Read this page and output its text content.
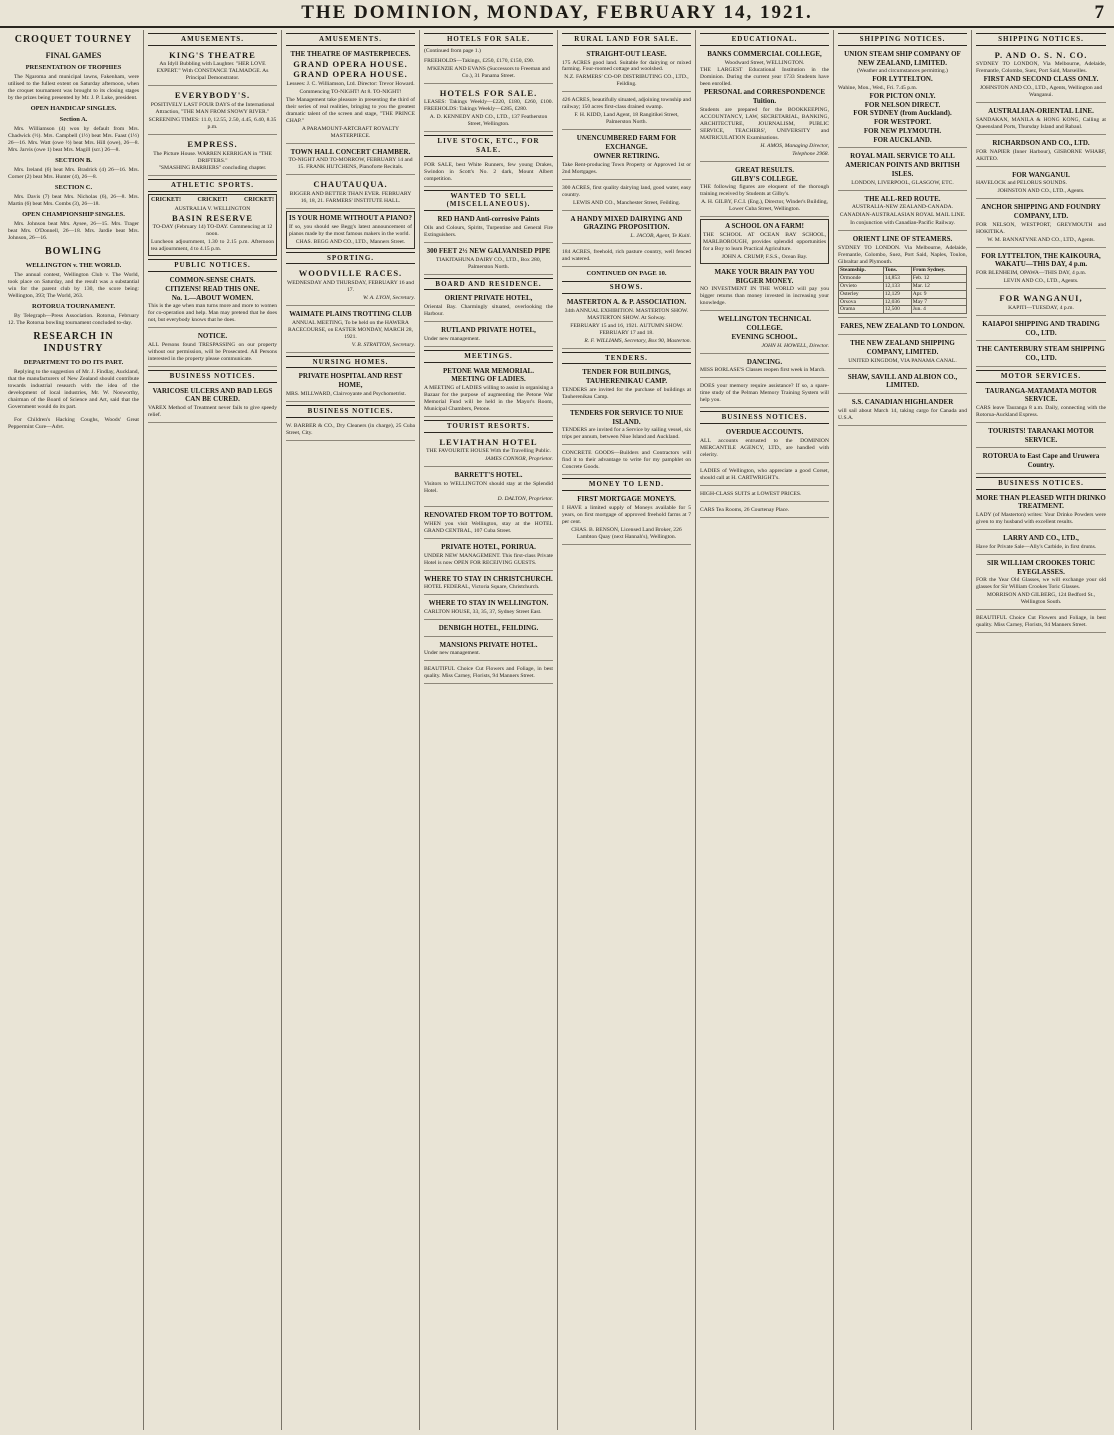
THE DOMINION, MONDAY, FEBRUARY 14, 1921.	7
CROQUET TOURNEY
FINAL GAMES
PRESENTATION OF TROPHIES
The Ngaroma and municipal lawns, Fakenham, were utilised to the fullest extent on Saturday afternoon, when the croquet tournament was brought to its closing stages by the prizes being presented by Mr. J. P. Luke, president.
OPEN HANDICAP SINGLES.
Section A.
Mrs. Williamson (4) won by default from Mrs. Chadwick (½). Mrs. Campbell (1½) beat Mrs. Faast (1½) 26—16. Mrs. Watt (owe ½) beat Mrs. Hill (owe), 26—8. Mrs. Jarvis (owe 1) beat Mrs. Magill (scr.) 26—8.
SECTION B.
Mrs. Ireland (6) beat Mrs. Bradrick (4) 26—16. Mrs. Corner (2) beat Mrs. Hunter (4), 26—8.
SECTION C.
Mrs. Davis (7) beat Mrs. Nicholas (6), 26—8. Mrs. Martin (6) beat Mrs. Combs (3), 26—18.
OPEN CHAMPIONSHIP SINGLES.
Mrs. Johnson beat Mrs. Aysee, 26—15. Mrs. Trager beat Mrs. O'Donnell, 26—18. Mrs. Jardie beat Mrs. Johnson, 26—16.
BOWLING
WELLINGTON v. THE WORLD.
The annual contest, Wellington Club v. The World, took place on Saturday, and the result was a substantial win for the parent club by 130, the score being: Wellington, 393; The World, 263.
ROTORUA TOURNAMENT.
By Telegraph—Press Association. Rotorua, February 12. The Rotorua bowling tournament concluded to-day.
RESEARCH IN INDUSTRY
DEPARTMENT TO DO ITS PART.
Replying to the suggestion of Mr. J. Findlay, Auckland, that the manufacturers of New Zealand should contribute towards industrial research with the idea of the development of local industries, Mr. W. Nosworthy, chairman of the Board of Science and Art, said that the Government would do its part.
For Children's Hacking Coughs, Woods' Great Peppermint Cure—Advt.
AMUSEMENTS.
KING'S THEATRE
An Idyll Bubbling with Laughter. "HER LOVE EXPERT." With CONSTANCE TALMADGE. As Principal Demonstrator.
EVERYBODY'S.
POSITIVELY LAST FOUR DAYS of the International Attraction, "THE MAN FROM SNOWY RIVER."
SCREENING TIMES: 11.0, 12.55, 2.50, 4.45, 6.40, 8.35 p.m.
EMPRESS.
The Picture House. WARREN KERRIGAN in "THE DRIFTERS."
"SMASHING BARRIERS" concluding chapter.
ATHLETIC SPORTS.
CRICKET!	CRICKET!	CRICKET!
AUSTRALIA V. WELLINGTON
BASIN RESERVE
TO-DAY (February 14) TO-DAY. Commencing at 12 noon.
Luncheon adjournment, 1.30 to 2.15 p.m. Afternoon tea adjournment, 4 to 4.15 p.m.
PUBLIC NOTICES.
COMMON-SENSE CHATS.
CITIZENS! READ THIS ONE.
No. 1.—ABOUT WOMEN.
This is the age when man turns more and more to women for co-operation and help. Man may pretend that he does not, but everybody knows that he does.
NOTICE.
ALL Persons found TRESPASSING on our property without our permission, will be Prosecuted. All Persons interested in the property please communicate.
BUSINESS NOTICES.
VARICOSE ULCERS AND BAD LEGS CAN BE CURED.
VAREX Method of Treatment never fails to give speedy relief.
AMUSEMENTS.
THE THEATRE OF MASTERPIECES.
GRAND OPERA HOUSE. GRAND OPERA HOUSE.
Lessees: J. C. Williamson, Ltd. Director: Trevor Howard.
Commencing TO-NIGHT! At 8. TO-NIGHT!
The Management take pleasure in presenting the third of their series of real realities, bringing to you the greatest dramatic talent of the screen and stage, "THE PRINCE CHAP."
A PARAMOUNT-ARTCRAFT ROYALTY MASTERPIECE.
TOWN HALL CONCERT CHAMBER.
TO-NIGHT AND TO-MORROW, FEBRUARY 14 and 15. FRANK HUTCHENS, Pianoforte Recitals.
CHAUTAUQUA.
BIGGER AND BETTER THAN EVER. FEBRUARY 16, 18, 21. FARMERS' INSTITUTE HALL.
IS YOUR HOME WITHOUT A PIANO?
If so, you should see Begg's latest announcement of pianos made by the most famous makers in the world.
CHAS. BEGG AND CO., LTD., Manners Street.
SPORTING.
WOODVILLE RACES.
WEDNESDAY AND THURSDAY, FEBRUARY 16 and 17.
W. A. LYON, Secretary.
WAIMATE PLAINS TROTTING CLUB
ANNUAL MEETING, To be held on the HAWERA RACECOURSE, on EASTER MONDAY, MARCH 28, 1921.
V. B. STRATTON, Secretary.
NURSING HOMES.
PRIVATE HOSPITAL AND REST HOME,
MRS. MILLWARD, Clairvoyante and Psychometrist.
BUSINESS NOTICES.
W. BARBER & CO., Dry Cleaners (in charge), 25 Cuba Street, City.
HOTELS FOR SALE.
(Continued from page 1.)
FREEHOLDS—Takings, £250, £170, £150, £90.
M'KENZIE AND EVANS (Successors to Freeman and Co.), 31 Panama Street.
HOTELS FOR SALE.
LEASES: Takings Weekly—£220, £180, £260, £100. FREEHOLDS: Takings Weekly—£285, £280.
A. D. KENNEDY AND CO., LTD., 137 Featherston Street, Wellington.
LIVE STOCK, ETC., FOR SALE.
FOR SALE, best White Runners, few young Drakes, Swindon in Scott's No. 2 dark, Mount Albert competition.
WANTED TO SELL (MISCELLANEOUS).
RED HAND Anti-corrosive Paints
Oils and Colours, Spirits, Turpentine and General Fire Extinguishers.
300 FEET 2½ NEW GALVANISED PIPE
TIAKITAHUNA DAIRY CO., LTD., Box 280, Palmerston North.
BOARD AND RESIDENCE.
ORIENT PRIVATE HOTEL,
Oriental Bay. Charmingly situated, overlooking the Harbour.
RUTLAND PRIVATE HOTEL,
Under new management.
MEETINGS.
PETONE WAR MEMORIAL.
MEETING OF LADIES.
A MEETING of LADIES willing to assist in organising a Bazaar for the purpose of augmenting the Petone War Memorial Fund will be held in the Mayor's Room, Municipal Chambers, Petone.
TOURIST RESORTS.
LEVIATHAN HOTEL
THE FAVOURITE HOUSE With the Travelling Public.
JAMES CONNOR, Proprietor.
BARRETT'S HOTEL.
Visitors to WELLINGTON should stay at the Splendid Hotel.
D. DALTON, Proprietor.
RENOVATED FROM TOP TO BOTTOM.
WHEN you visit Wellington, stay at the HOTEL GRAND CENTRAL, 107 Cuba Street.
PRIVATE HOTEL, PORIRUA.
UNDER NEW MANAGEMENT. This first-class Private Hotel is now OPEN FOR RECEIVING GUESTS.
WHERE TO STAY IN CHRISTCHURCH.
HOTEL FEDERAL, Victoria Square, Christchurch.
WHERE TO STAY IN WELLINGTON.
CARLTON HOUSE, 33, 35, 37, Sydney Street East.
DENBIGH HOTEL, FEILDING.
MANSIONS PRIVATE HOTEL.
Under new management.
BEAUTIFUL Choice Cut Flowers and Foliage, in best quality. Miss Carney, Florists, 94 Manners Street.
RURAL LAND FOR SALE.
STRAIGHT-OUT LEASE.
175 ACRES good land. Suitable for dairying or mixed farming. Four-roomed cottage and woolshed.
N.Z. FARMERS' CO-OP. DISTRIBUTING CO., LTD., Feilding.
426 ACRES, beautifully situated, adjoining township and railway; 150 acres first-class drained swamp.
F. H. KIDD, Land Agent, 18 Rangitikei Street, Palmerston North.
UNENCUMBERED FARM FOR EXCHANGE.
OWNER RETIRING.
Take Rent-producing Town Property or Approved 1st or 2nd Mortgages.
300 ACRES, first quality dairying land, good water, easy country.
LEWIS AND CO., Manchester Street, Feilding.
A HANDY MIXED DAIRYING AND GRAZING PROPOSITION.
L. JACOB, Agent, Te Kuiti.
184 ACRES, freehold, rich pasture country, well fenced and watered.
CONTINUED ON PAGE 10.
SHOWS.
MASTERTON A. & P. ASSOCIATION.
34th ANNUAL EXHIBITION. MASTERTON SHOW. MASTERTON SHOW. At Solway.
FEBRUARY 15 and 16, 1921. AUTUMN SHOW. FEBRUARY 17 and 18.
R. F. WILLIAMS, Secretary, Box 90, Masterton.
TENDERS.
TENDER FOR BUILDINGS, TAUHERENIKAU CAMP.
TENDERS are invited for the purchase of buildings at Tauherenikau Camp.
TENDERS FOR SERVICE TO NIUE ISLAND.
TENDERS are invited for a Service by sailing vessel, six trips per annum, between Niue Island and Auckland.
CONCRETE GOODS—Builders and Contractors will find it to their advantage to write for my pamphlet on Concrete Goods.
MONEY TO LEND.
FIRST MORTGAGE MONEYS.
I HAVE a limited supply of Moneys available for 5 years, on first mortgage of approved freehold farms at 7 per cent.
CHAS. B. BENSON, Licensed Land Broker, 226 Lambton Quay (next Hannah's), Wellington.
EDUCATIONAL.
BANKS COMMERCIAL COLLEGE,
Woodward Street, WELLINGTON.
THE LARGEST Educational Institution in the Dominion. During the current year 1733 Students have been enrolled.
PERSONAL and CORRESPONDENCE Tuition.
Students are prepared for the BOOKKEEPING, ACCOUNTANCY, LAW, SECRETARIAL, BANKING, ARCHITECTURE, JOURNALISM, PUBLIC SERVICE, TEACHERS', UNIVERSITY and MATRICULATION Examinations.
H. AMOS, Managing Director,
Telephone 2968.
GREAT RESULTS.
GILBY'S COLLEGE.
THE following figures are eloquent of the thorough training received by Students at Gilby's.
A. H. GILBY, F.C.I. (Eng.), Director, Winder's Building, Lower Cuba Street, Wellington.
A SCHOOL ON A FARM!
THE SCHOOL AT OCEAN BAY SCHOOL, MARLBOROUGH, provides splendid opportunities for a Boy to learn Practical Agriculture.
JOHN A. CRUMP, F.S.S., Ocean Bay.
MAKE YOUR BRAIN PAY YOU BIGGER MONEY.
NO INVESTMENT IN THE WORLD will pay you bigger returns than money invested in increasing your knowledge.
WELLINGTON TECHNICAL COLLEGE.
EVENING SCHOOL.
JOHN H. HOWELL, Director.
DANCING.
MISS BORLASE'S Classes reopen first week in March.
DOES your memory require assistance? If so, a spare-time study of the Pelman Memory Training System will help you.
BUSINESS NOTICES.
OVERDUE ACCOUNTS.
ALL accounts entrusted to the DOMINION MERCANTILE AGENCY, LTD., are handled with celerity.
LADIES of Wellington, who appreciate a good Corset, should call at H. CARTWRIGHT's.
HIGH-CLASS SUITS at LOWEST PRICES.
CARS Tea Rooms, 26 Courtenay Place.
SHIPPING NOTICES.
UNION STEAM SHIP COMPANY OF NEW ZEALAND, LIMITED.
(Weather and circumstances permitting.)
FOR LYTTELTON.
Wahine, Mon., Wed., Fri. 7.45 p.m.
FOR PICTON ONLY.
FOR NELSON DIRECT.
FOR SYDNEY (from Auckland).
FOR WESTPORT.
FOR NEW PLYMOUTH.
FOR AUCKLAND.
ROYAL MAIL SERVICE TO ALL AMERICAN POINTS AND BRITISH ISLES.
LONDON, LIVERPOOL, GLASGOW, ETC.
THE ALL-RED ROUTE.
AUSTRALIA-NEW ZEALAND-CANADA.
CANADIAN-AUSTRALASIAN ROYAL MAIL LINE.
In conjunction with Canadian-Pacific Railway.
ORIENT LINE OF STEAMERS.
SYDNEY TO LONDON. Via Melbourne, Adelaide, Fremantle, Colombo, Suez, Port Said, Naples, Toulon, Gibraltar and Plymouth.
Steamship.	Tons.	From Sydney.
Ormonde	14,853	Feb. 12
Orvieto	12,133	Mar. 12
Osterley	12,129	Apr. 9
Orsova	12,036	May 7
Orama	12,500	Jun. 4
FARES, NEW ZEALAND TO LONDON.
THE NEW ZEALAND SHIPPING COMPANY, LIMITED.
UNITED KINGDOM, VIA PANAMA CANAL.
SHAW, SAVILL AND ALBION CO., LIMITED.
S.S. CANADIAN HIGHLANDER
will sail about March 14, taking cargo for Canada and U.S.A.
SHIPPING NOTICES.
P. AND O. S. N. CO.
SYDNEY TO LONDON, Via Melbourne, Adelaide, Fremantle, Colombo, Suez, Port Said, Marseilles.
FIRST AND SECOND CLASS ONLY.
JOHNSTON AND CO., LTD., Agents, Wellington and Wanganui.
AUSTRALIAN-ORIENTAL LINE.
SANDAKAN, MANILA & HONG KONG, Calling at Queensland Ports, Thursday Island and Rabaul.
RICHARDSON AND CO., LTD.
FOR NAPIER (Inner Harbour), GISBORNE WHARF, AKITEO.
FOR WANGANUI.
HAVELOCK and PELORUS SOUNDS.
JOHNSTON AND CO., LTD., Agents.
ANCHOR SHIPPING AND FOUNDRY COMPANY, LTD.
FOR NELSON, WESTPORT, GREYMOUTH and HOKITIKA.
W. M. BANNATYNE AND CO., LTD., Agents.
FOR LYTTELTON, THE KAIKOURA, WAKATU—THIS DAY, 4 p.m.
FOR BLENHEIM, OPAWA—THIS DAY, 4 p.m.
LEVIN AND CO., LTD., Agents.
FOR WANGANUI,
KAPITI—TUESDAY, 4 p.m.
KAIAPOI SHIPPING AND TRADING CO., LTD.
THE CANTERBURY STEAM SHIPPING CO., LTD.
MOTOR SERVICES.
TAURANGA-MATAMATA MOTOR SERVICE.
CARS leave Tauranga 8 a.m. Daily, connecting with the Rotorua-Auckland Express.
TOURISTS! TARANAKI MOTOR SERVICE.
ROTORUA to East Cape and Uruwera Country.
BUSINESS NOTICES.
MORE THAN PLEASED WITH DRINKO TREATMENT.
LADY (of Masterton) writes: Your Drinko Powders were given to my husband with excellent results.
LARRY AND CO., LTD.,
Have for Private Sale—Ally's Carbide, in first drums.
SIR WILLIAM CROOKES TORIC EYEGLASSES.
FOR the Year Old Glasses, we will exchange your old glasses for Sir William Crookes Toric Glasses.
MORRISON AND GILBERG, 124 Bedford St., Wellington South.
BEAUTIFUL Choice Cut Flowers and Foliage, in best quality. Miss Carney, Florists, 94 Manners Street.
